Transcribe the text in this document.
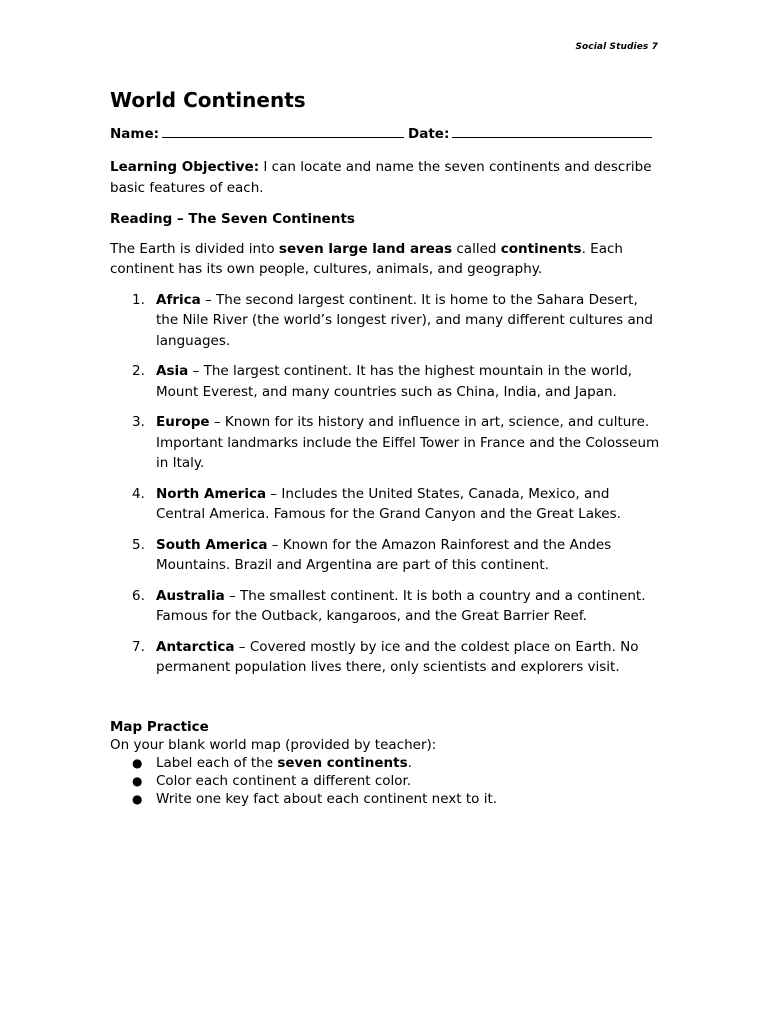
Social Studies 7
World Continents
Name:	Date:

Learning Objective: I can locate and name the seven continents and describe basic features of each.

Reading – The Seven Continents

The Earth is divided into seven large land areas called continents. Each continent has its own people, cultures, animals, and geography.

1. Africa – The second largest continent. It is home to the Sahara Desert, the Nile River (the world’s longest river), and many different cultures and languages.
2. Asia – The largest continent. It has the highest mountain in the world, Mount Everest, and many countries such as China, India, and Japan.
3. Europe – Known for its history and influence in art, science, and culture. Important landmarks include the Eiffel Tower in France and the Colosseum in Italy.
4. North America – Includes the United States, Canada, Mexico, and Central America. Famous for the Grand Canyon and the Great Lakes.
5. South America – Known for the Amazon Rainforest and the Andes Mountains. Brazil and Argentina are part of this continent.
6. Australia – The smallest continent. It is both a country and a continent. Famous for the Outback, kangaroos, and the Great Barrier Reef.
7. Antarctica – Covered mostly by ice and the coldest place on Earth. No permanent population lives there, only scientists and explorers visit.
Map Practice
On your blank world map (provided by teacher):
● Label each of the seven continents.
● Color each continent a different color.
● Write one key fact about each continent next to it.
